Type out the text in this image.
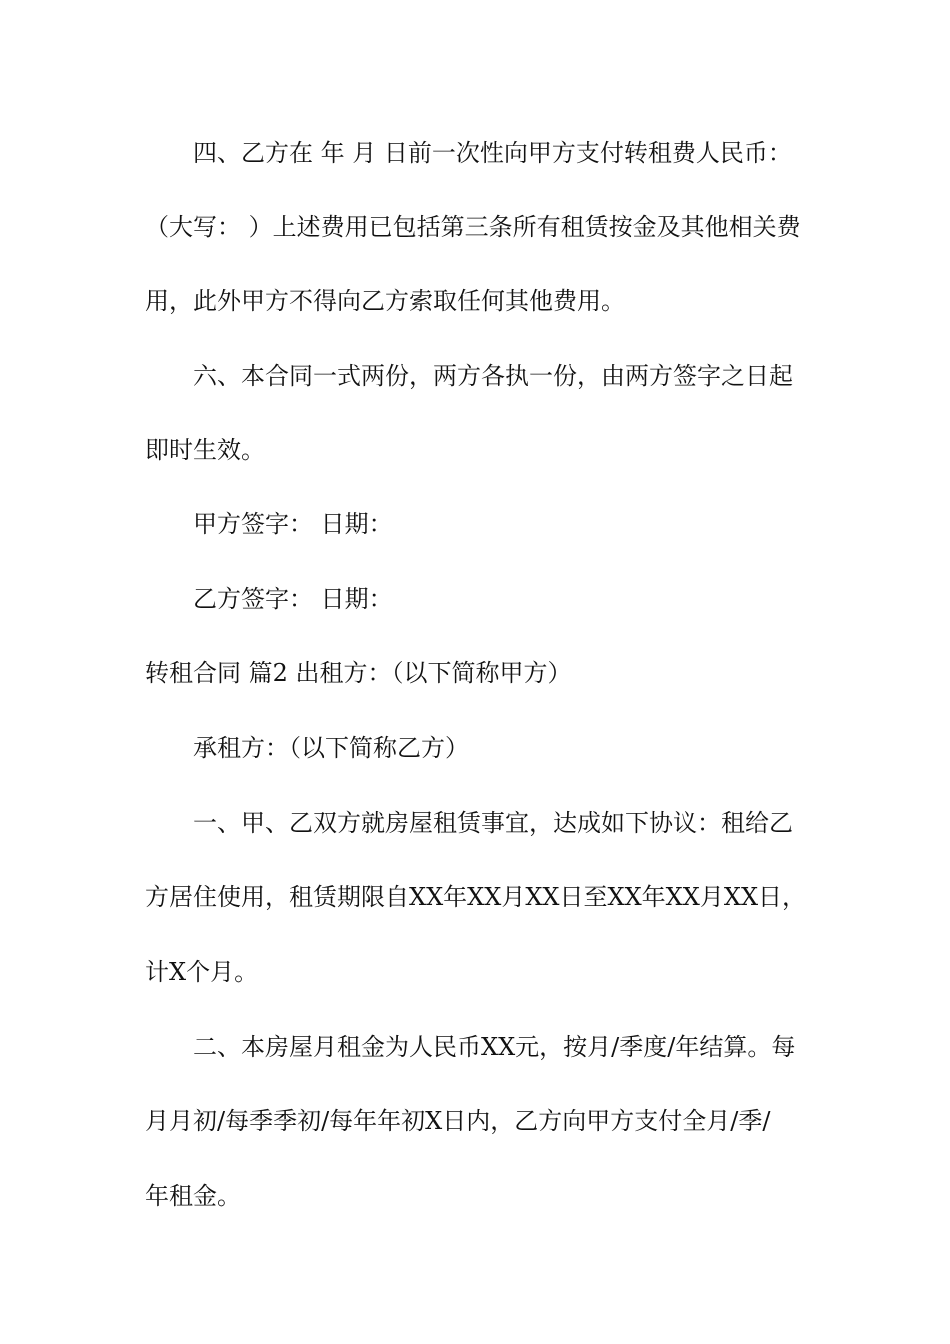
四、乙方在 年 月 日前一次性向甲方支付转租费人民币：
（大写： ）上述费用已包括第三条所有租赁按金及其他相关费
用，此外甲方不得向乙方索取任何其他费用。
六、本合同一式两份，两方各执一份，由两方签字之日起
即时生效。
甲方签字： 日期：
乙方签字： 日期：
转租合同 篇2 出租方：（以下简称甲方）
承租方：（以下简称乙方）
一、甲、乙双方就房屋租赁事宜，达成如下协议：租给乙
方居住使用，租赁期限自XX年XX月XX日至XX年XX月XX日，
计X个月。
二、本房屋月租金为人民币XX元，按月/季度/年结算。每
月月初/每季季初/每年年初X日内，乙方向甲方支付全月/季/
年租金。
